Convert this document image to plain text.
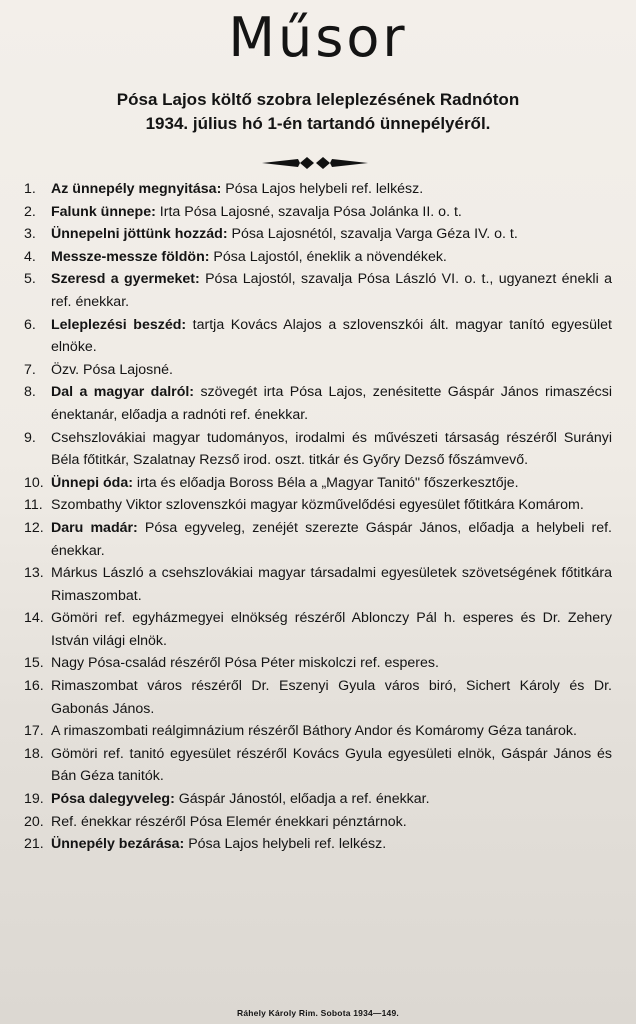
Műsor
Pósa Lajos költő szobra leleplezésének Radnóton
1934. július hó 1-én tartandó ünnepélyéről.
1.	Az ünnepély megnyitása: Pósa Lajos helybeli ref. lelkész.
2.	Falunk ünnepe: Irta Pósa Lajosné, szavalja Pósa Jolánka II. o. t.
3.	Ünnepelni jöttünk hozzád: Pósa Lajosnétól, szavalja Varga Géza IV. o. t.
4.	Messze-messze földön: Pósa Lajostól, éneklik a növendékek.
5.	Szeresd a gyermeket: Pósa Lajostól, szavalja Pósa László VI. o. t., ugyanezt énekli a ref. énekkar.
6.	Leleplezési beszéd: tartja Kovács Alajos a szlovenszkói ált. magyar tanító egyesület elnöke.
7.	Özv. Pósa Lajosné.
8.	Dal a magyar dalról: szövegét irta Pósa Lajos, zenésitette Gáspár János rimaszécsi énektanár, előadja a radnóti ref. énekkar.
9.	Csehszlovákiai magyar tudományos, irodalmi és művészeti társaság részéről Surányi Béla főtitkár, Szalatnay Rezső irod. oszt. titkár és Győry Dezső főszámvevő.
10. Ünnepi óda: irta és előadja Boross Béla a „Magyar Tanitó" főszerkesztője.
11. Szombathy Viktor szlovenszkói magyar közművelődési egyesület főtitkára Komárom.
12. Daru madár: Pósa egyveleg, zenéjét szerezte Gáspár János, előadja a helybeli ref. énekkar.
13. Márkus László a csehszlovákiai magyar társadalmi egyesületek szövetségének főtitkára Rimaszombat.
14. Gömöri ref. egyházmegyei elnökség részéről Ablonczy Pál h. esperes és Dr. Zehery István világi elnök.
15. Nagy Pósa-család részéről Pósa Péter miskolczi ref. esperes.
16. Rimaszombat város részéről Dr. Eszenyi Gyula város biró, Sichert Károly és Dr. Gabonás János.
17. A rimaszombati reálgimnázium részéről Báthory Andor és Komáromy Géza tanárok.
18. Gömöri ref. tanitó egyesület részéről Kovács Gyula egyesületi elnök, Gáspár János és Bán Géza tanitók.
19. Pósa dalegyveleg: Gáspár Jánostól, előadja a ref. énekkar.
20. Ref. énekkar részéről Pósa Elemér énekkari pénztárnok.
21. Ünnepély bezárása: Pósa Lajos helybeli ref. lelkész.
Ráhely Károly Rim. Sobota 1934—149.
